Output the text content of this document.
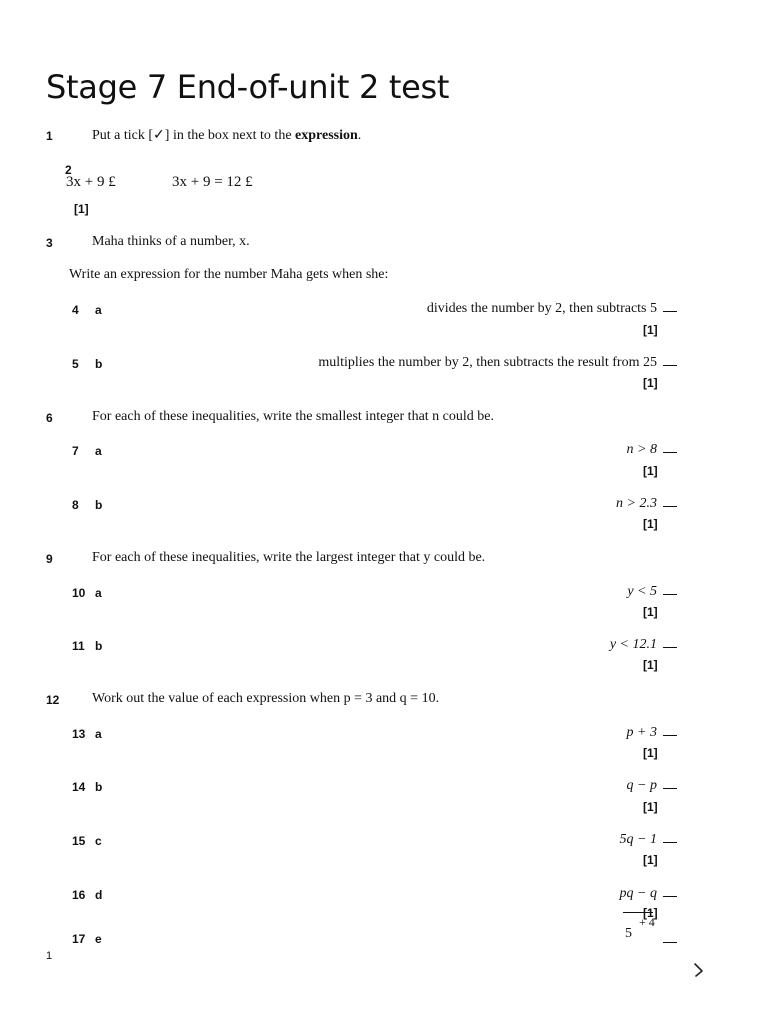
Stage 7 End-of-unit 2 test
1	Put a tick [✓] in the box next to the expression.
2
3x + 9 £	3x + 9 = 12 £
[1]
3	Maha thinks of a number, x.
Write an expression for the number Maha gets when she:
4 a	divides the number by 2, then subtracts 5
[1]
5 b	multiplies the number by 2, then subtracts the result from 25
[1]
6	For each of these inequalities, write the smallest integer that n could be.
7 a	n > 8
[1]
8 b	n > 2.3
[1]
9	For each of these inequalities, write the largest integer that y could be.
10 a	y < 5
[1]
11 b	y < 12.1
[1]
12 Work out the value of each expression when p = 3 and q = 10.
13 a	p + 3
[1]
14 b	q − p
[1]
15 c	5q − 1
[1]
16 d	pq − q
[1]
17 e
+ 4
5
1
